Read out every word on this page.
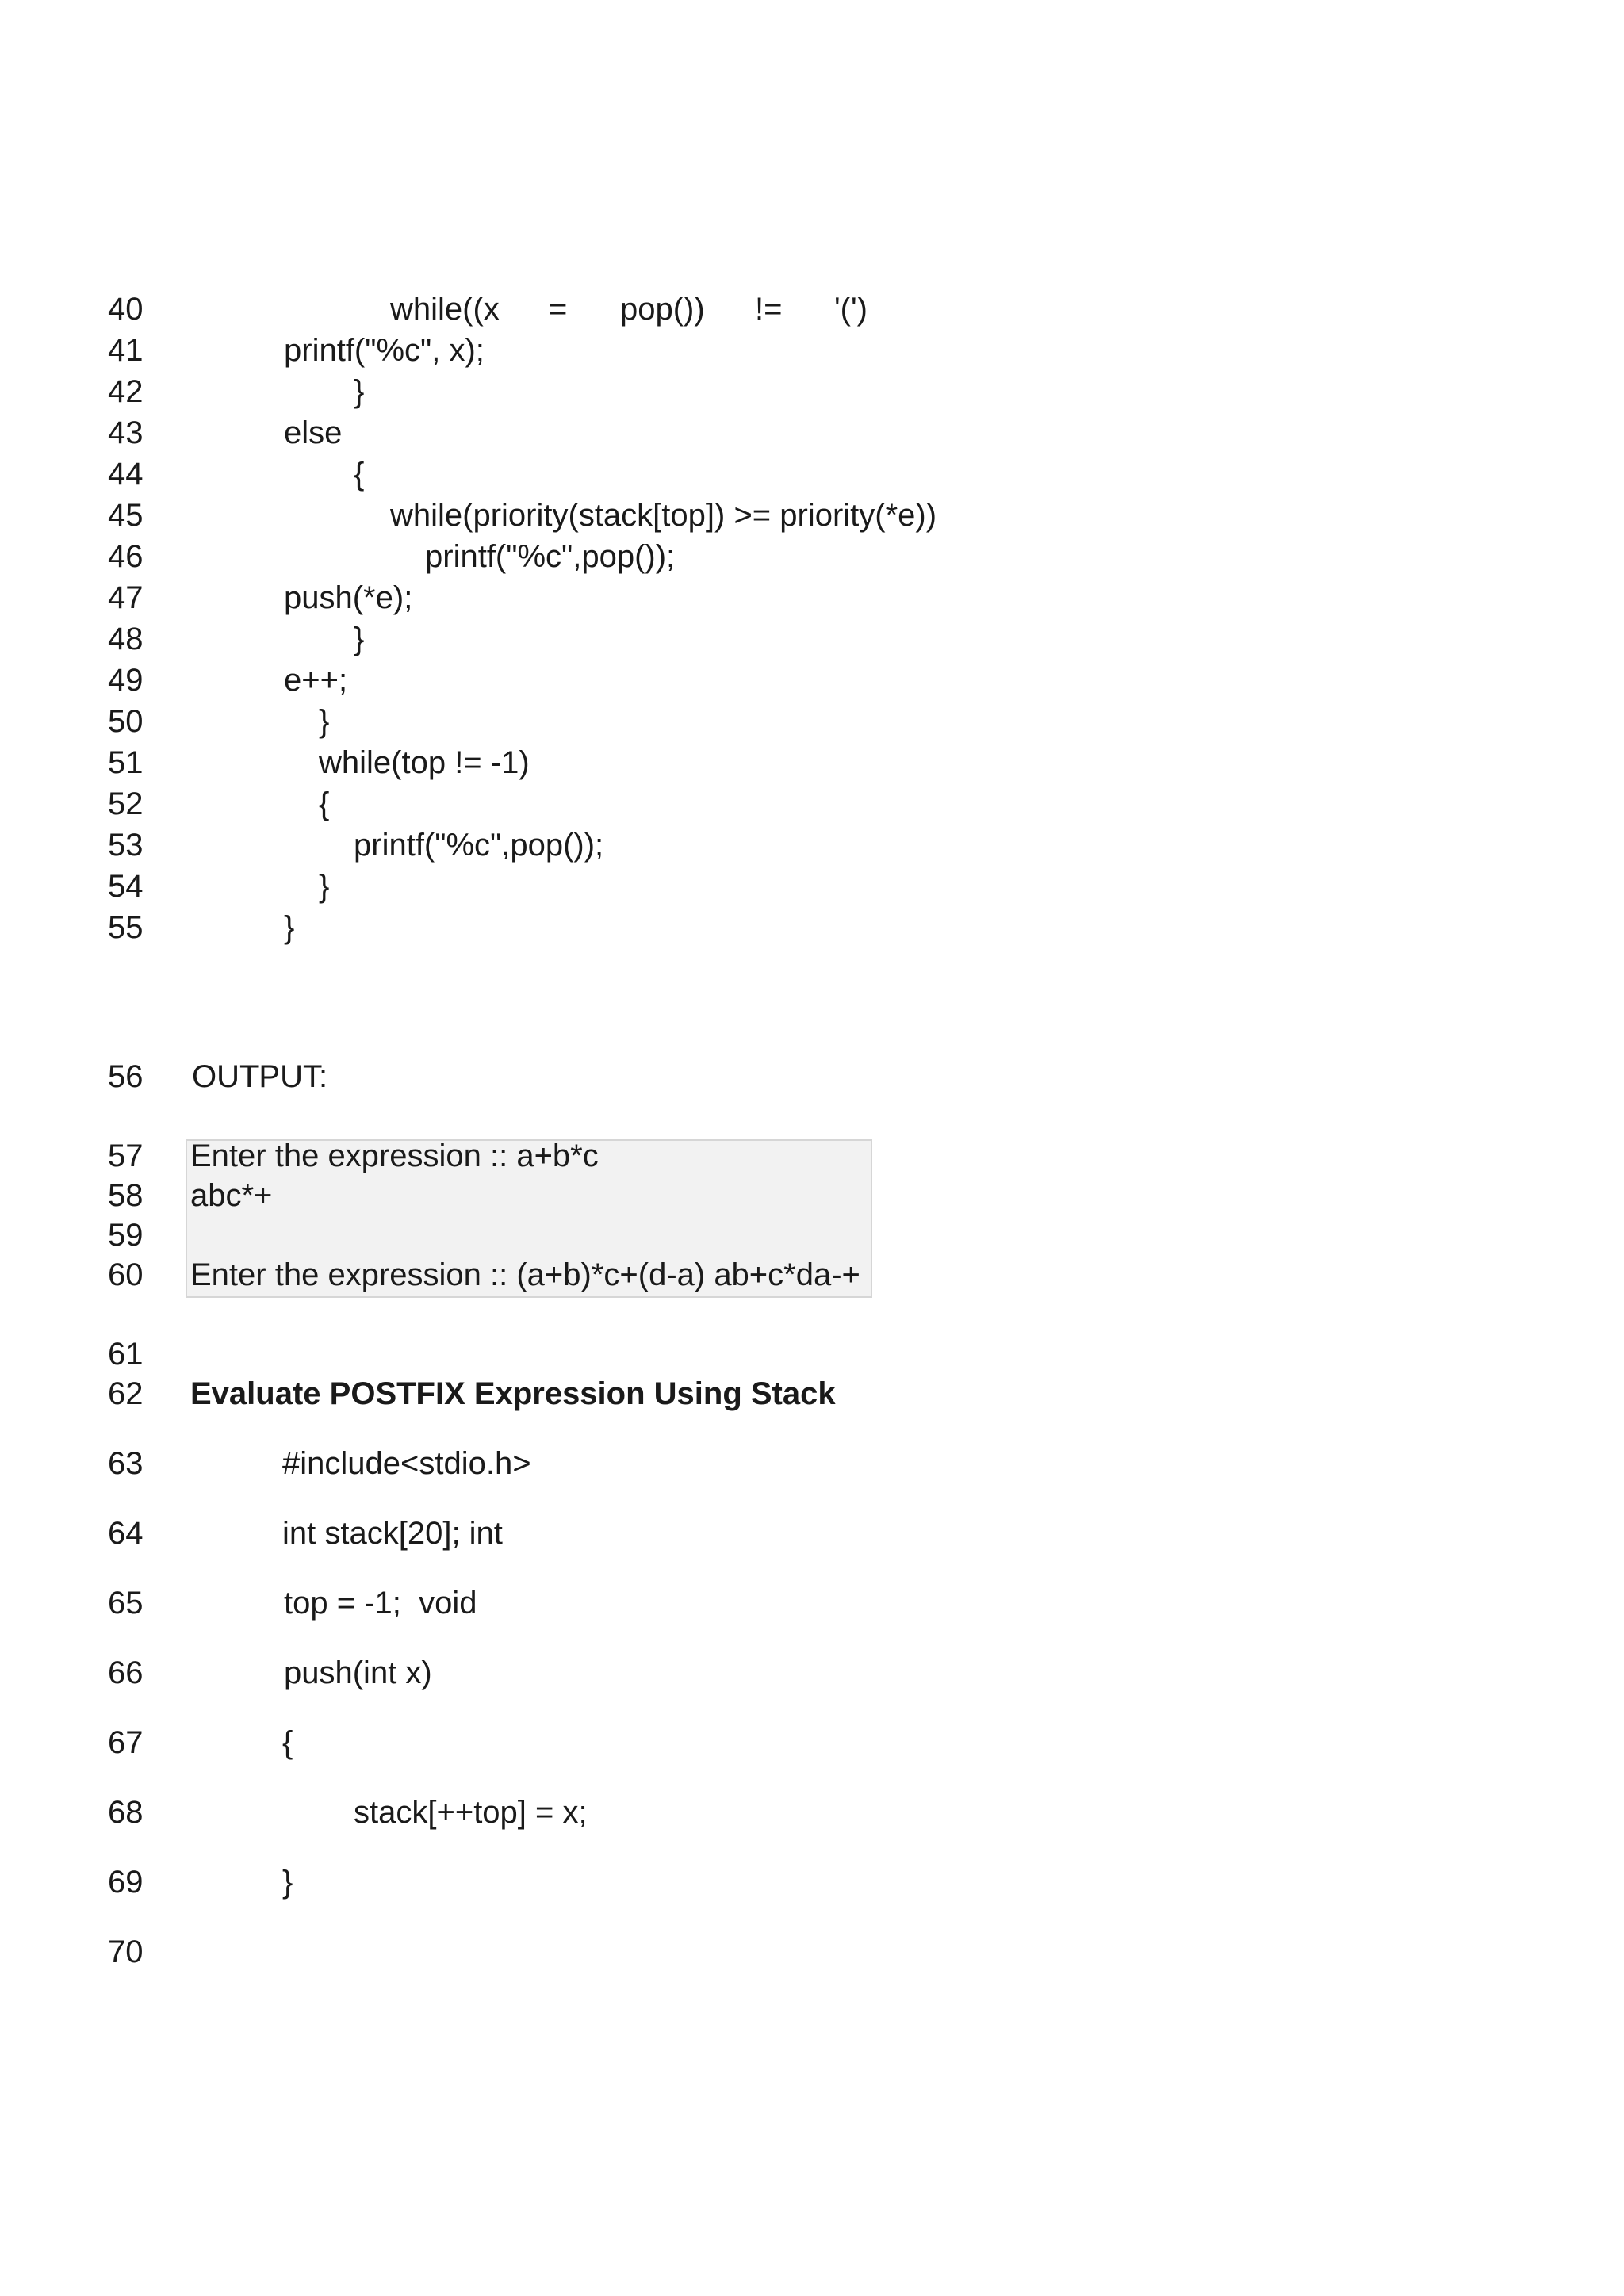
40	while((x = pop()) != '(')
41	printf("%c", x);
42	}
43	else
44	{
45	while(priority(stack[top]) >= priority(*e))
46	printf("%c",pop());
47	push(*e);
48	}
49	e++;
50	}
51	while(top != -1)
52	{
53	printf("%c",pop());
54	}
55	}
56 OUTPUT:
57 Enter the expression :: a+b*c
58 abc*+
59
60 Enter the expression :: (a+b)*c+(d-a) ab+c*da-+
61
62 Evaluate POSTFIX Expression Using Stack
63	#include<stdio.h>
64	int stack[20]; int
65	top = -1;  void
66	push(int x)
67	{
68	stack[++top] = x;
69	}
70
